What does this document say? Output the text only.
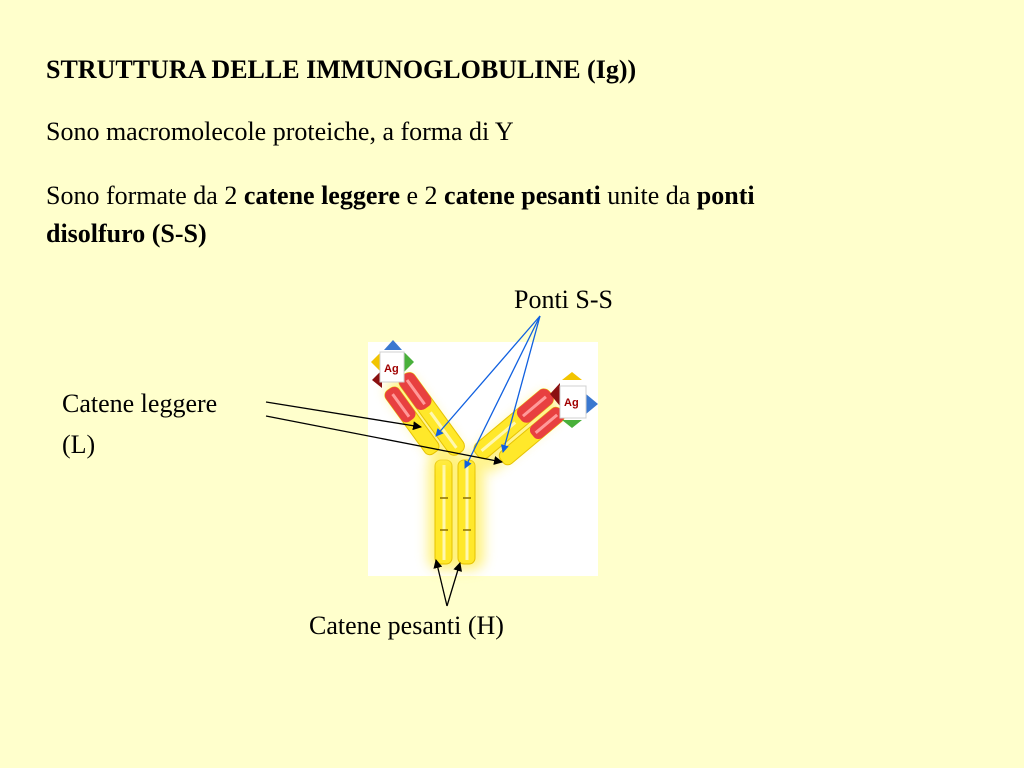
STRUTTURA DELLE IMMUNOGLOBULINE (Ig))
Sono macromolecole proteiche, a forma di Y
Sono formate da 2 catene leggere e 2 catene pesanti unite da ponti
disolfuro (S-S)
Ag
Ag
Ponti S-S
Catene leggere
(L)
Catene pesanti (H)
